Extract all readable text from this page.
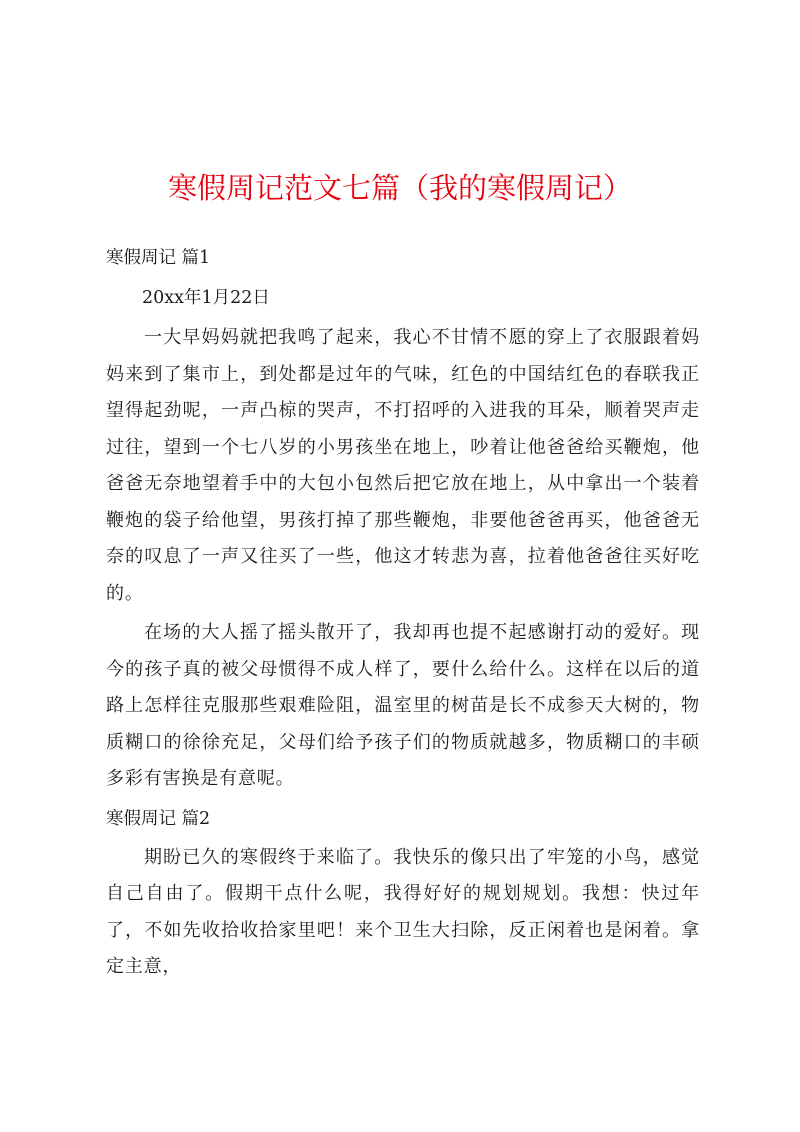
寒假周记范文七篇（我的寒假周记）
寒假周记 篇1
20xx年1月22日

一大早妈妈就把我鸣了起来，我心不甘情不愿的穿上了衣服跟着妈妈来到了集市上，到处都是过年的气味，红色的中国结红色的春联我正望得起劲呢，一声凸椋的哭声，不打招呼的入进我的耳朵，顺着哭声走过往，望到一个七八岁的小男孩坐在地上，吵着让他爸爸给买鞭炮，他爸爸无奈地望着手中的大包小包然后把它放在地上，从中拿出一个装着鞭炮的袋子给他望，男孩打掉了那些鞭炮，非要他爸爸再买，他爸爸无奈的叹息了一声又往买了一些，他这才转悲为喜，拉着他爸爸往买好吃的。

在场的大人摇了摇头散开了，我却再也提不起感谢打动的爱好。现今的孩子真的被父母惯得不成人样了，要什么给什么。这样在以后的道路上怎样往克服那些艰难险阻，温室里的树苗是长不成参天大树的，物质糊口的徐徐充足，父母们给予孩子们的物质就越多，物质糊口的丰硕多彩有害换是有意呢。

寒假周记 篇2

期盼已久的寒假终于来临了。我快乐的像只出了牢笼的小鸟，感觉自己自由了。假期干点什么呢，我得好好的规划规划。我想：快过年了，不如先收拾收拾家里吧！来个卫生大扫除，反正闲着也是闲着。拿定主意，
